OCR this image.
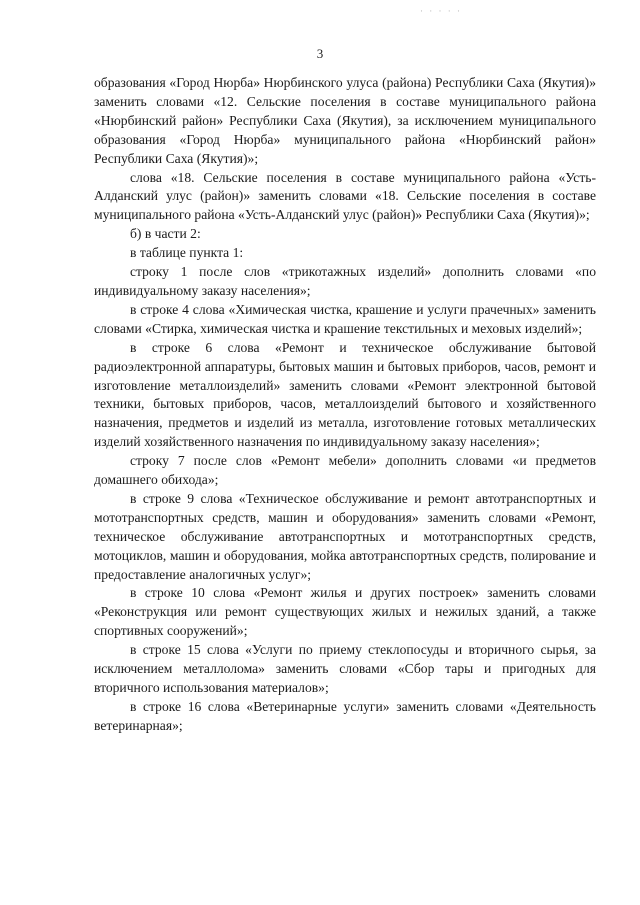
· · · · ·
3

образования «Город Нюрба» Нюрбинского улуса (района) Республики Саха (Якутия)» заменить словами «12. Сельские поселения в составе муниципального района «Нюрбинский район» Республики Саха (Якутия), за исключением муниципального образования «Город Нюрба» муниципального района «Нюрбинский район» Республики Саха (Якутия)»;

слова «18. Сельские поселения в составе муниципального района «Усть-Алданский улус (район)» заменить словами «18. Сельские поселения в составе муниципального района «Усть-Алданский улус (район)» Республики Саха (Якутия)»;

б) в части 2:

в таблице пункта 1:

строку 1 после слов «трикотажных изделий» дополнить словами «по индивидуальному заказу населения»;

в строке 4 слова «Химическая чистка, крашение и услуги прачечных» заменить словами «Стирка, химическая чистка и крашение текстильных и меховых изделий»;

в строке 6 слова «Ремонт и техническое обслуживание бытовой радиоэлектронной аппаратуры, бытовых машин и бытовых приборов, часов, ремонт и изготовление металлоизделий» заменить словами «Ремонт электронной бытовой техники, бытовых приборов, часов, металлоизделий бытового и хозяйственного назначения, предметов и изделий из металла, изготовление готовых металлических изделий хозяйственного назначения по индивидуальному заказу населения»;

строку 7 после слов «Ремонт мебели» дополнить словами «и предметов домашнего обихода»;

в строке 9 слова «Техническое обслуживание и ремонт автотранспортных и мототранспортных средств, машин и оборудования» заменить словами «Ремонт, техническое обслуживание автотранспортных и мототранспортных средств, мотоциклов, машин и оборудования, мойка автотранспортных средств, полирование и предоставление аналогичных услуг»;

в строке 10 слова «Ремонт жилья и других построек» заменить словами «Реконструкция или ремонт существующих жилых и нежилых зданий, а также спортивных сооружений»;

в строке 15 слова «Услуги по приему стеклопосуды и вторичного сырья, за исключением металлолома» заменить словами «Сбор тары и пригодных для вторичного использования материалов»;

в строке 16 слова «Ветеринарные услуги» заменить словами «Деятельность ветеринарная»;
